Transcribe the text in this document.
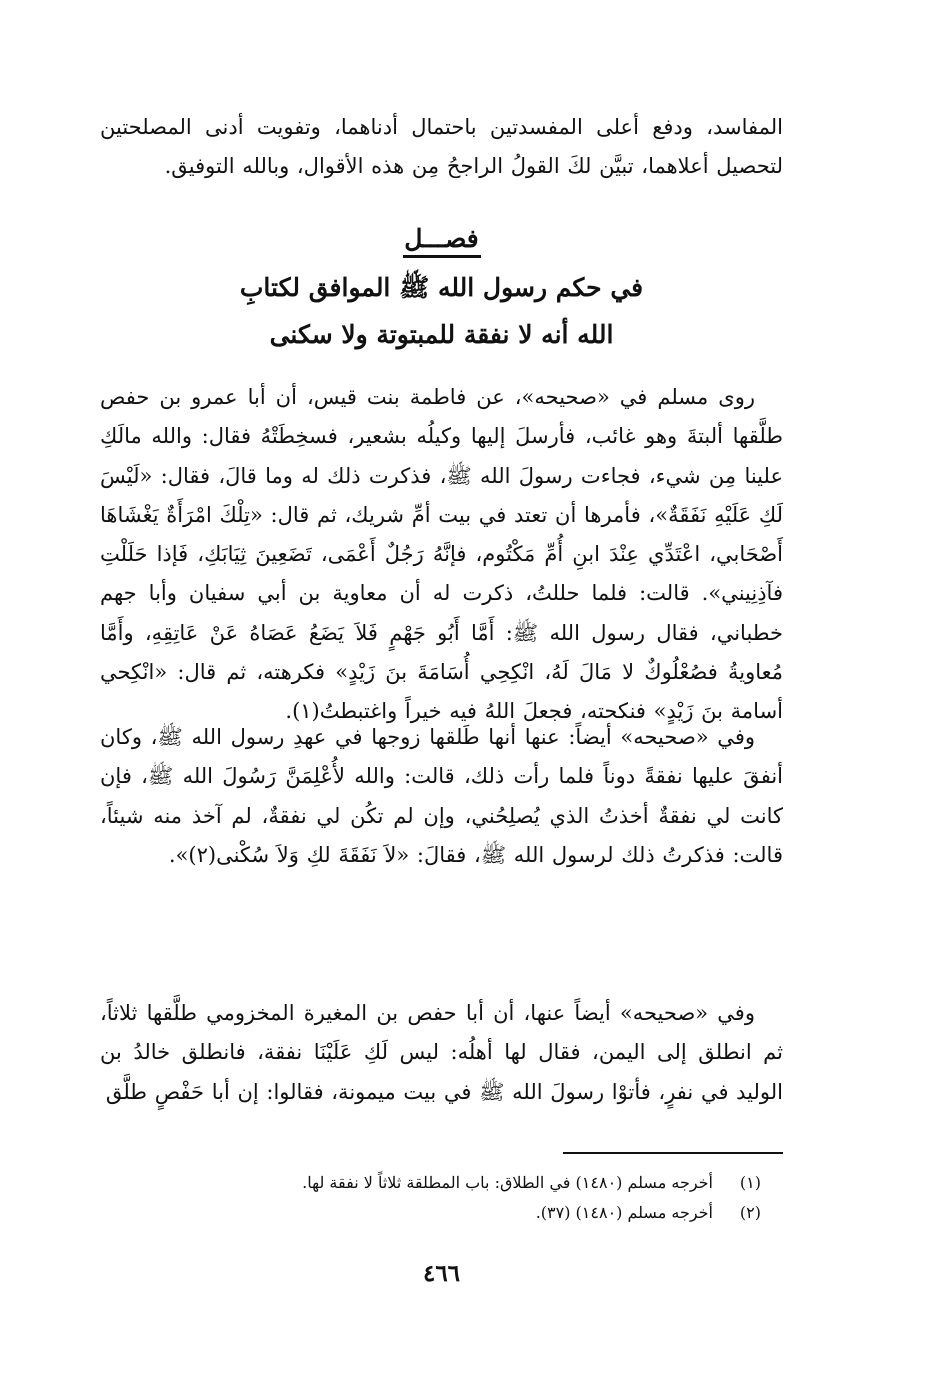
المفاسد، ودفع أعلى المفسدتين باحتمال أدناهما، وتفويت أدنى المصلحتين لتحصيل أعلاهما، تبيَّن لكَ القولُ الراجحُ مِن هذه الأقوال، وبالله التوفيق.

فصـــل
في حكم رسول الله ﷺ الموافق لكتابِ
الله أنه لا نفقة للمبتوتة ولا سكنى

روى مسلم في «صحيحه»، عن فاطمة بنت قيس، أن أبا عمرو بن حفص طلَّقها ألبتةَ وهو غائب، فأرسلَ إليها وكيلُه بشعير، فسخِطَتْهُ فقال: والله مالَكِ علينا مِن شيء، فجاءت رسولَ الله ﷺ، فذكرت ذلك له وما قالَ، فقال: «لَيْسَ لَكِ عَلَيْهِ نَفَقَةٌ»، فأمرها أن تعتد في بيت أمِّ شريك، ثم قال: «تِلْكَ امْرَأَةٌ يَغْشَاهَا أَصْحَابي، اعْتَدِّي عِنْدَ ابنِ أُمِّ مَكْتُوم، فإنَّهُ رَجُلٌ أَعْمَى، تَضَعِينَ ثِيَابَكِ، فَإذا حَلَلْتِ فآذِنِيني». قالت: فلما حللتُ، ذكرت له أن معاوية بن أبي سفيان وأبا جهم خطباني، فقال رسول الله ﷺ: أَمَّا أَبُو جَهْمٍ فَلاَ يَضَعُ عَصَاهُ عَنْ عَاتِقِهِ، وأَمَّا مُعاويةُ فصُعْلُوكٌ لا مَالَ لَهُ، انْكِحِي أُسَامَةَ بنَ زَيْدٍ» فكرهته، ثم قال: «انْكِحي أسامة بنَ زَيْدٍ» فنكحته، فجعلَ اللهُ فيه خيراً واغتبطتُ(١).

وفي «صحيحه» أيضاً: عنها أنها طَلقها زوجها في عهدِ رسول الله ﷺ، وكان أنفقَ عليها نفقةً دوناً فلما رأت ذلك، قالت: والله لأُعْلِمَنَّ رَسُولَ الله ﷺ، فإن كانت لي نفقةٌ أخذتُ الذي يُصلِحُني، وإن لم تكُن لي نفقةٌ، لم آخذ منه شيئاً، قالت: فذكرتُ ذلك لرسول الله ﷺ، فقالَ: «لاَ نَفَقَةَ لكِ وَلاَ سُكْنى(٢)».

وفي «صحيحه» أيضاً عنها، أن أبا حفص بن المغيرة المخزومي طلَّقها ثلاثاً، ثم انطلق إلى اليمن، فقال لها أهلُه: ليس لَكِ عَلَيْنَا نفقة، فانطلق خالدُ بن الوليد في نفرٍ، فأتوْا رسولَ الله ﷺ في بيت ميمونة، فقالوا: إن أبا حَفْصٍ طلَّق

(١)
أخرجه مسلم (١٤٨٠) في الطلاق: باب المطلقة ثلاثاً لا نفقة لها.
(٢)
أخرجه مسلم (١٤٨٠) (٣٧).
٤٦٦
